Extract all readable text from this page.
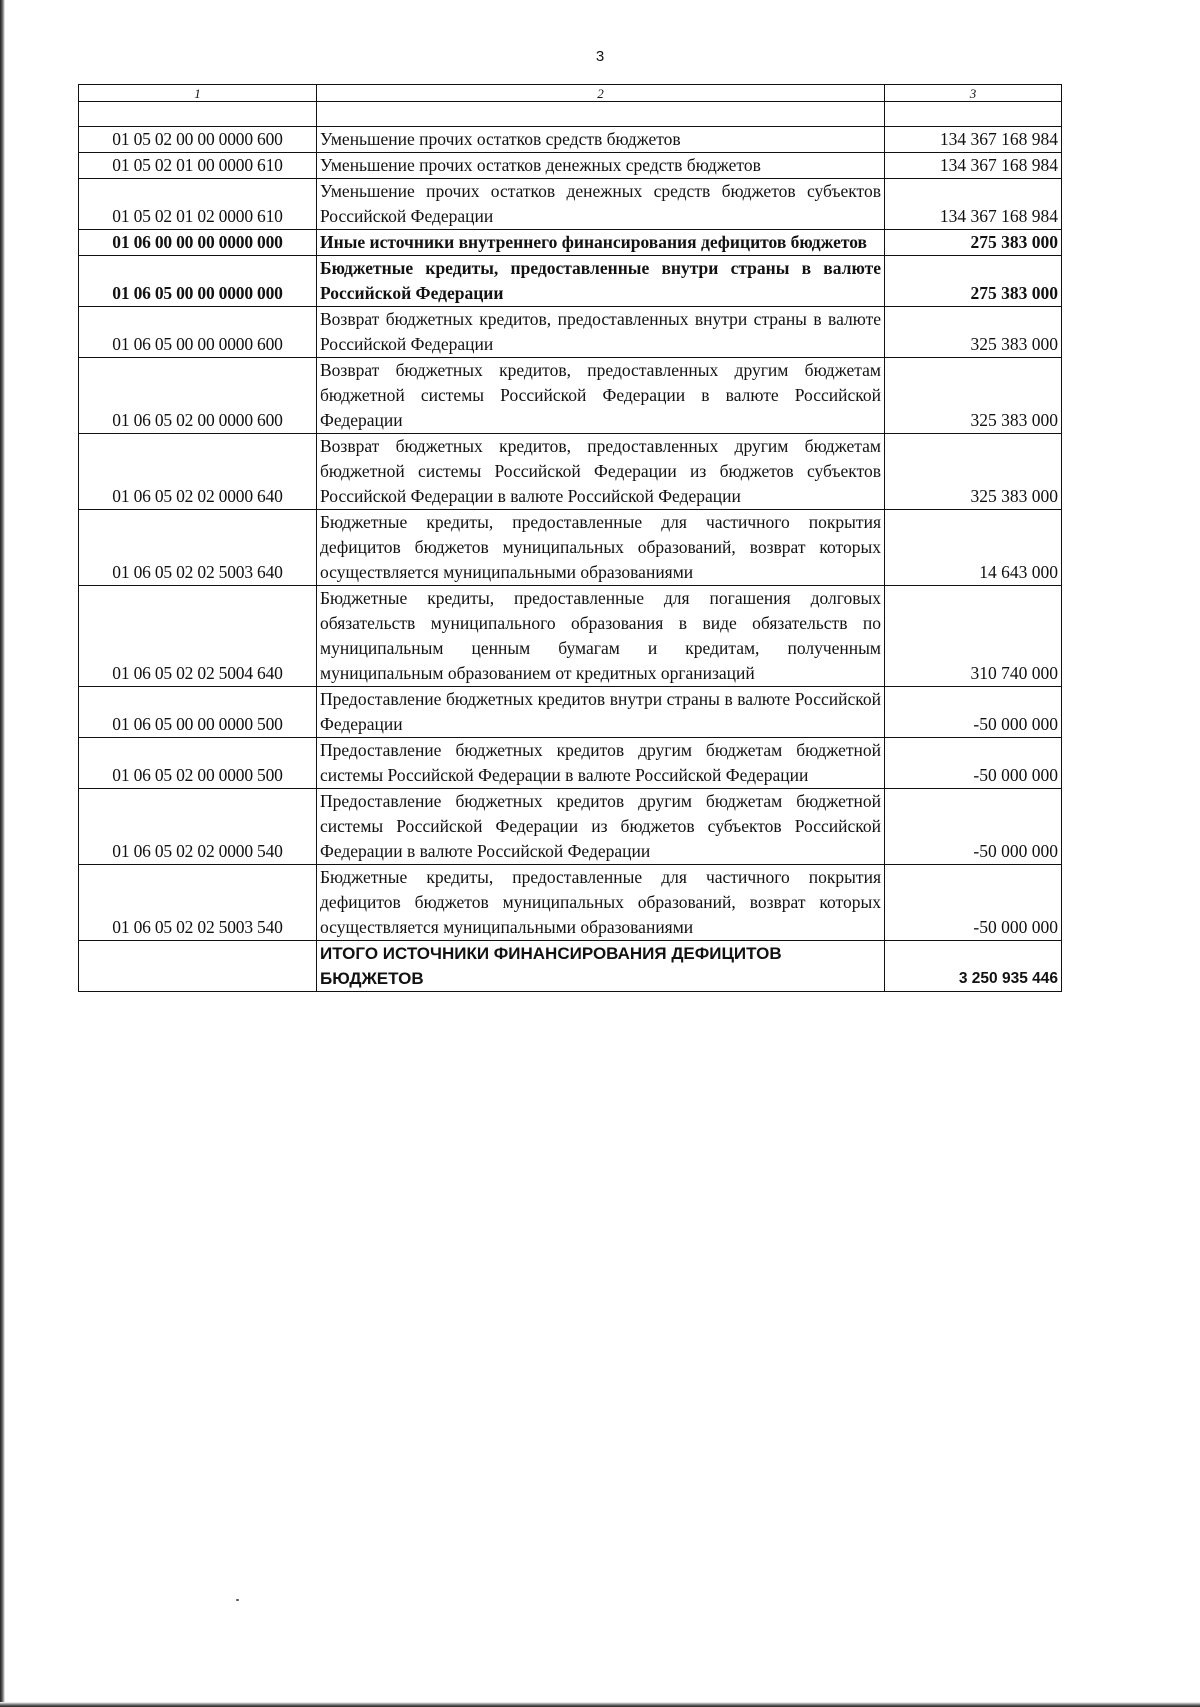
3
1	2	3

01 05 02 00 00 0000 600	Уменьшение прочих остатков средств бюджетов	134 367 168 984
01 05 02 01 00 0000 610	Уменьшение прочих остатков денежных средств бюджетов	134 367 168 984
01 05 02 01 02 0000 610	Уменьшение прочих остатков денежных средств бюджетов субъектов Российской Федерации	134 367 168 984
01 06 00 00 00 0000 000	Иные источники внутреннего финансирования дефицитов бюджетов	275 383 000
01 06 05 00 00 0000 000	Бюджетные кредиты, предоставленные внутри страны в валюте Российской Федерации	275 383 000
01 06 05 00 00 0000 600	Возврат бюджетных кредитов, предоставленных внутри страны в валюте Российской Федерации	325 383 000
01 06 05 02 00 0000 600	Возврат бюджетных кредитов, предоставленных другим бюджетам бюджетной системы Российской Федерации в валюте Российской Федерации	325 383 000
01 06 05 02 02 0000 640	Возврат бюджетных кредитов, предоставленных другим бюджетам бюджетной системы Российской Федерации из бюджетов субъектов Российской Федерации в валюте Российской Федерации	325 383 000
01 06 05 02 02 5003 640	Бюджетные кредиты, предоставленные для частичного покрытия дефицитов бюджетов муниципальных образований, возврат которых осуществляется муниципальными образованиями	14 643 000
01 06 05 02 02 5004 640	Бюджетные кредиты, предоставленные для погашения долговых обязательств муниципального образования в виде обязательств по муниципальным ценным бумагам и кредитам, полученным муниципальным образованием от кредитных организаций	310 740 000
01 06 05 00 00 0000 500	Предоставление бюджетных кредитов внутри страны в валюте Российской Федерации	-50 000 000
01 06 05 02 00 0000 500	Предоставление бюджетных кредитов другим бюджетам бюджетной системы Российской Федерации в валюте Российской Федерации	-50 000 000
01 06 05 02 02 0000 540	Предоставление бюджетных кредитов другим бюджетам бюджетной системы Российской Федерации из бюджетов субъектов Российской Федерации в валюте Российской Федерации	-50 000 000
01 06 05 02 02 5003 540	Бюджетные кредиты, предоставленные для частичного покрытия дефицитов бюджетов муниципальных образований, возврат которых осуществляется муниципальными образованиями	-50 000 000
	ИТОГО ИСТОЧНИКИ ФИНАНСИРОВАНИЯ ДЕФИЦИТОВ БЮДЖЕТОВ	3 250 935 446
